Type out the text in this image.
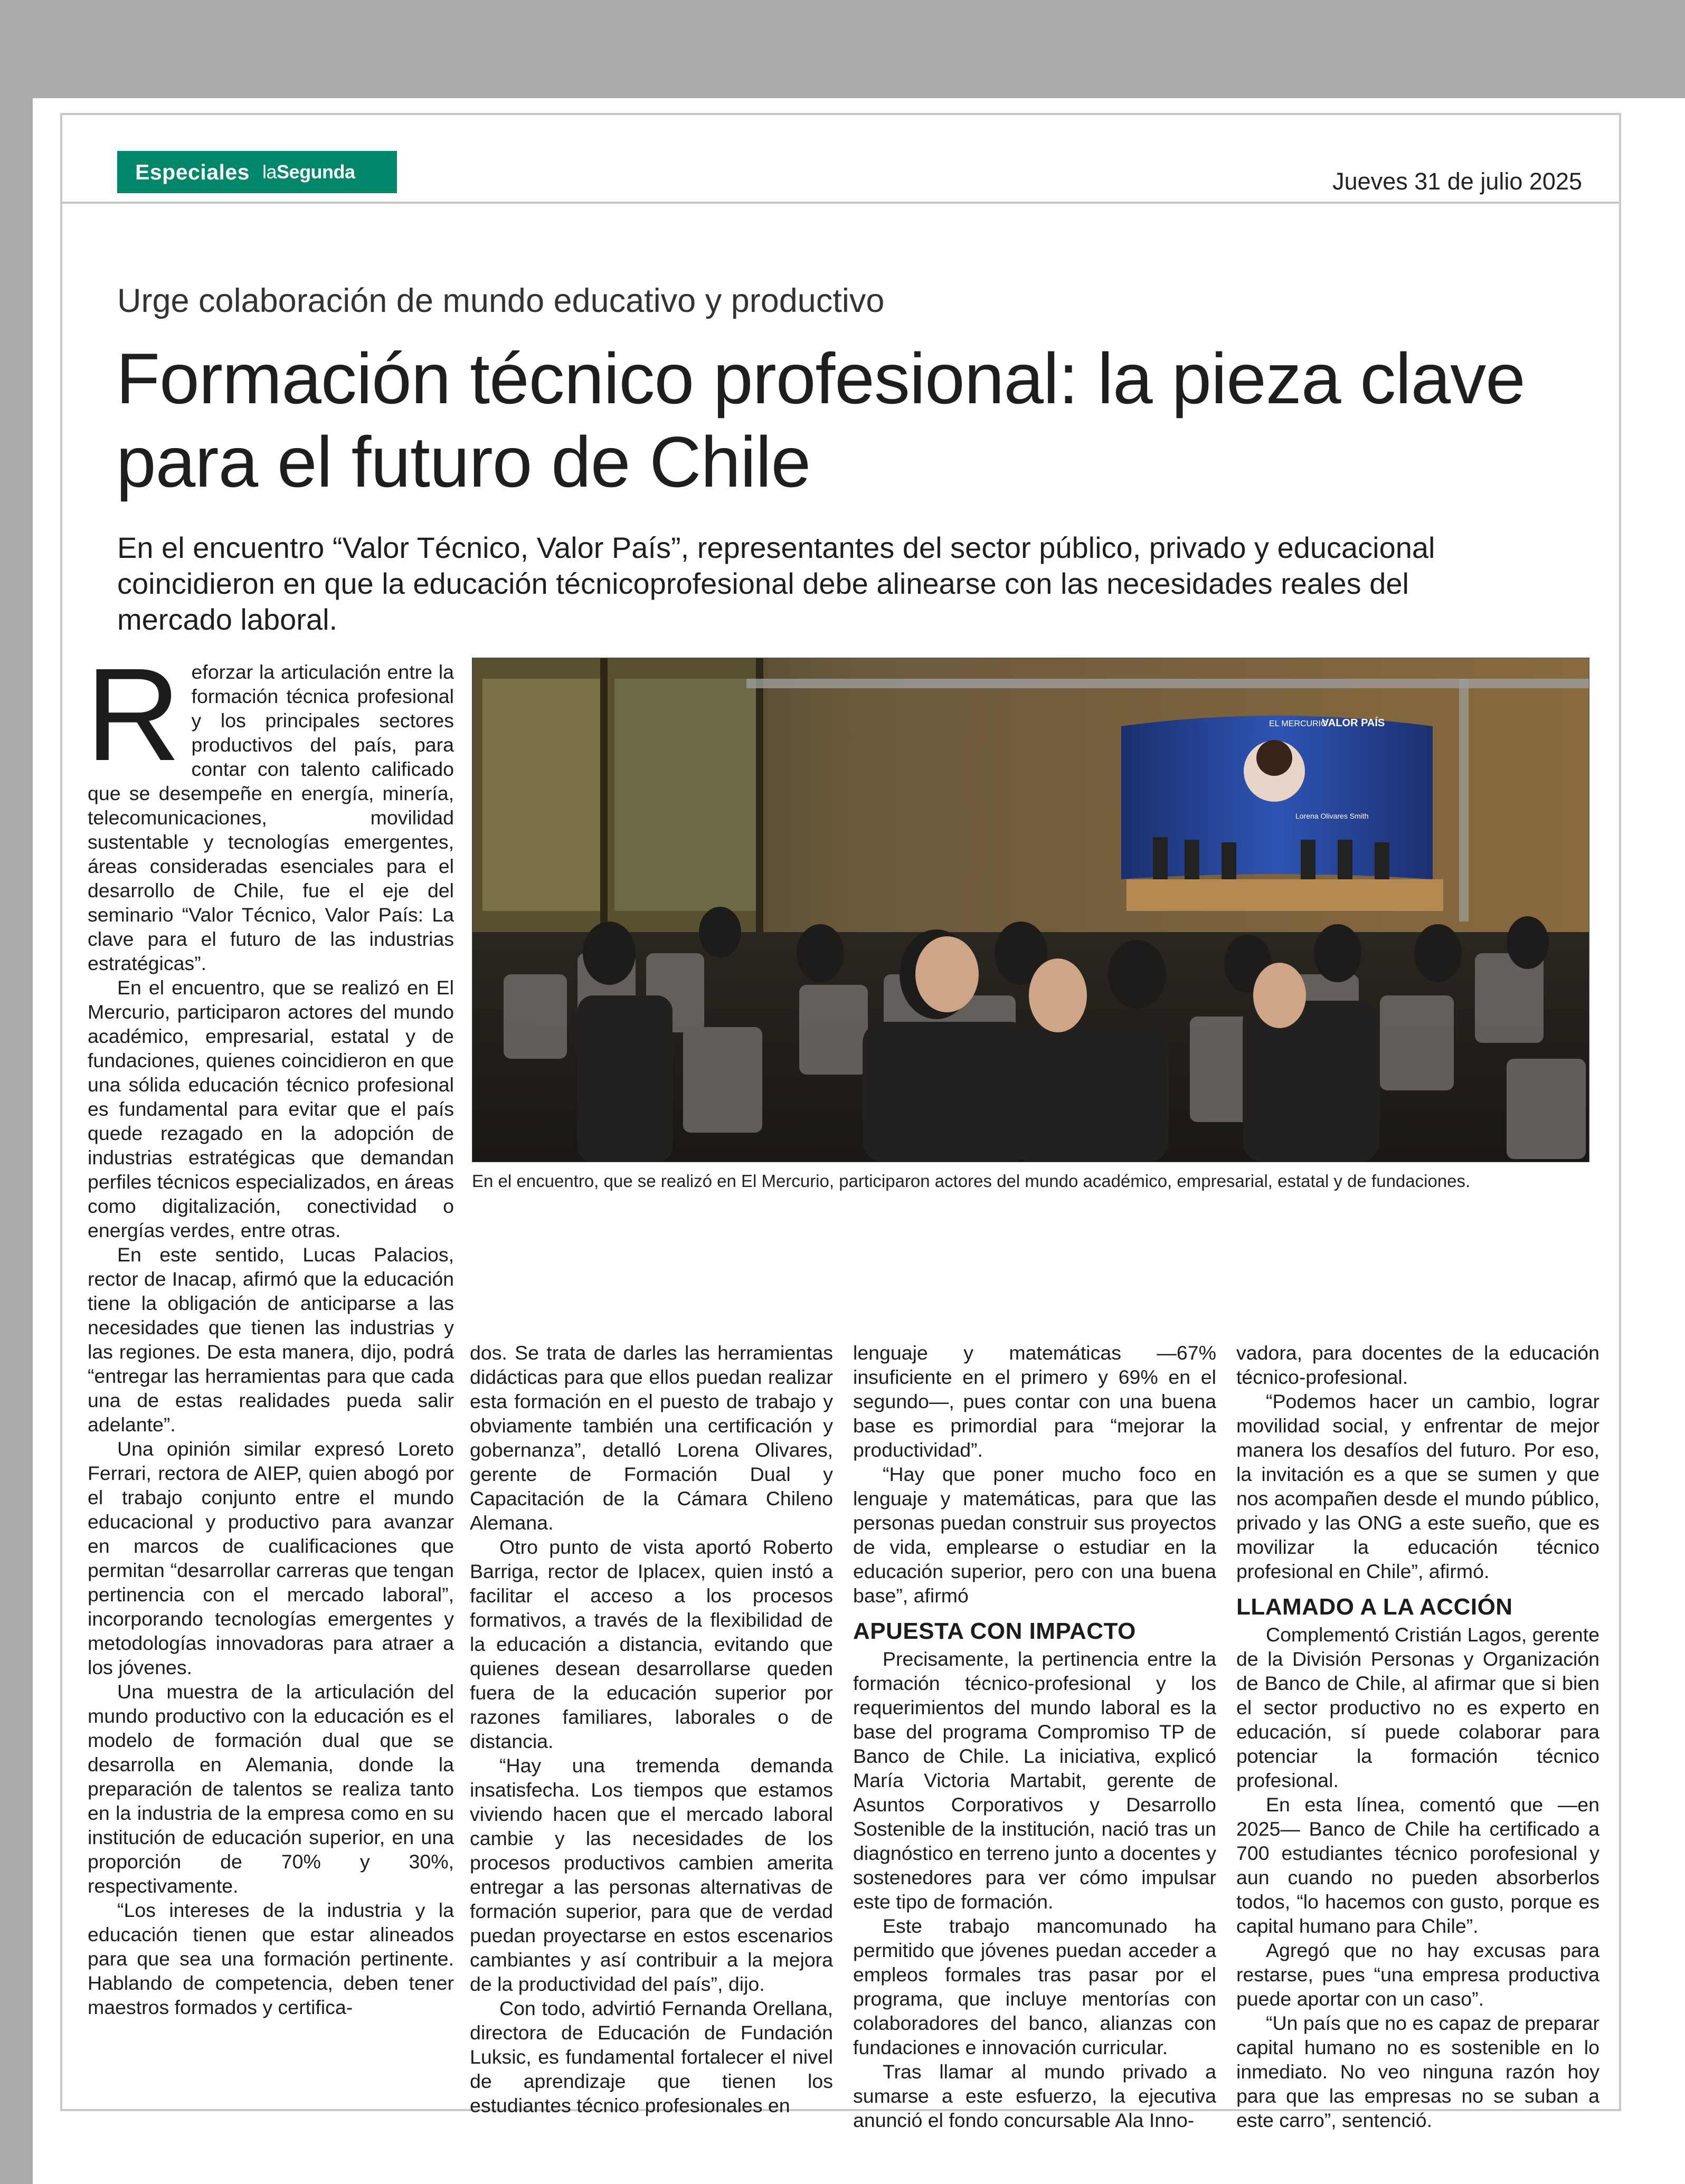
Especiales laSegunda	Jueves 31 de julio 2025
Urge colaboración de mundo educativo y productivo
Formación técnico profesional: la pieza clave para el futuro de Chile

En el encuentro “Valor Técnico, Valor País”, representantes del sector público, privado y educacional coincidieron en que la educación técnicoprofesional debe alinearse con las necesidades reales del mercado laboral.

R eforzar la articulación entre la formación técnica profesional y los principales sectores productivos del país, para contar con talento calificado que se desempeñe en energía, minería, telecomunicaciones, movilidad sustentable y tecnologías emergentes, áreas consideradas esenciales para el desarrollo de Chile, fue el eje del seminario “Valor Técnico, Valor País: La clave para el futuro de las industrias estratégicas”.

En el encuentro, que se realizó en El Mercurio, participaron actores del mundo académico, empresarial, estatal y de fundaciones, quienes coincidieron en que una sólida educación técnico profesional es fundamental para evitar que el país quede rezagado en la adopción de industrias estratégicas que demandan perfiles técnicos especializados, en áreas como digitalización, conectividad o energías verdes, entre otras.

En este sentido, Lucas Palacios, rector de Inacap, afirmó que la educación tiene la obligación de anticiparse a las necesidades que tienen las industrias y las regiones. De esta manera, dijo, podrá “entregar las herramientas para que cada una de estas realidades pueda salir adelante”.

Una opinión similar expresó Loreto Ferrari, rectora de AIEP, quien abogó por el trabajo conjunto entre el mundo educacional y productivo para avanzar en marcos de cualificaciones que permitan “desarrollar carreras que tengan pertinencia con el mercado laboral”, incorporando tecnologías emergentes y metodologías innovadoras para atraer a los jóvenes.

Una muestra de la articulación del mundo productivo con la educación es el modelo de formación dual que se desarrolla en Alemania, donde la preparación de talentos se realiza tanto en la industria de la empresa como en su institución de educación superior, en una proporción de 70% y 30%, respectivamente.

“Los intereses de la industria y la educación tienen que estar alineados para que sea una formación pertinente. Hablando de competencia, deben tener maestros formados y certifica-

EL MERCURIO
VALOR PAÍS
Lorena Olivares Smith
En el encuentro, que se realizó en El Mercurio, participaron actores del mundo académico, empresarial, estatal y de fundaciones.

dos. Se trata de darles las herramientas didácticas para que ellos puedan realizar esta formación en el puesto de trabajo y obviamente también una certificación y gobernanza”, detalló Lorena Olivares, gerente de Formación Dual y Capacitación de la Cámara Chileno Alemana.

Otro punto de vista aportó Roberto Barriga, rector de Iplacex, quien instó a facilitar el acceso a los procesos formativos, a través de la flexibilidad de la educación a distancia, evitando que quienes desean desarrollarse queden fuera de la educación superior por razones familiares, laborales o de distancia.

“Hay una tremenda demanda insatisfecha. Los tiempos que estamos viviendo hacen que el mercado laboral cambie y las necesidades de los procesos productivos cambien amerita entregar a las personas alternativas de formación superior, para que de verdad puedan proyectarse en estos escenarios cambiantes y así contribuir a la mejora de la productividad del país”, dijo.

Con todo, advirtió Fernanda Orellana, directora de Educación de Fundación Luksic, es fundamental fortalecer el nivel de aprendizaje que tienen los estudiantes técnico profesionales en

lenguaje y matemáticas —67% insuficiente en el primero y 69% en el segundo—, pues contar con una buena base es primordial para “mejorar la productividad”.

“Hay que poner mucho foco en lenguaje y matemáticas, para que las personas puedan construir sus proyectos de vida, emplearse o estudiar en la educación superior, pero con una buena base”, afirmó

APUESTA CON IMPACTO

Precisamente, la pertinencia entre la formación técnico-profesional y los requerimientos del mundo laboral es la base del programa Compromiso TP de Banco de Chile. La iniciativa, explicó María Victoria Martabit, gerente de Asuntos Corporativos y Desarrollo Sostenible de la institución, nació tras un diagnóstico en terreno junto a docentes y sostenedores para ver cómo impulsar este tipo de formación.

Este trabajo mancomunado ha permitido que jóvenes puedan acceder a empleos formales tras pasar por el programa, que incluye mentorías con colaboradores del banco, alianzas con fundaciones e innovación curricular.

Tras llamar al mundo privado a sumarse a este esfuerzo, la ejecutiva anunció el fondo concursable Ala Inno-

vadora, para docentes de la educación técnico-profesional.

“Podemos hacer un cambio, lograr movilidad social, y enfrentar de mejor manera los desafíos del futuro. Por eso, la invitación es a que se sumen y que nos acompañen desde el mundo público, privado y las ONG a este sueño, que es movilizar la educación técnico profesional en Chile”, afirmó.

LLAMADO A LA ACCIÓN

Complementó Cristián Lagos, gerente de la División Personas y Organización de Banco de Chile, al afirmar que si bien el sector productivo no es experto en educación, sí puede colaborar para potenciar la formación técnico profesional.

En esta línea, comentó que —en 2025— Banco de Chile ha certificado a 700 estudiantes técnico porofesional y aun cuando no pueden absorberlos todos, “lo hacemos con gusto, porque es capital humano para Chile”.

Agregó que no hay excusas para restarse, pues “una empresa productiva puede aportar con un caso”.

“Un país que no es capaz de preparar capital humano no es sostenible en lo inmediato. No veo ninguna razón hoy para que las empresas no se suban a este carro”, sentenció.
